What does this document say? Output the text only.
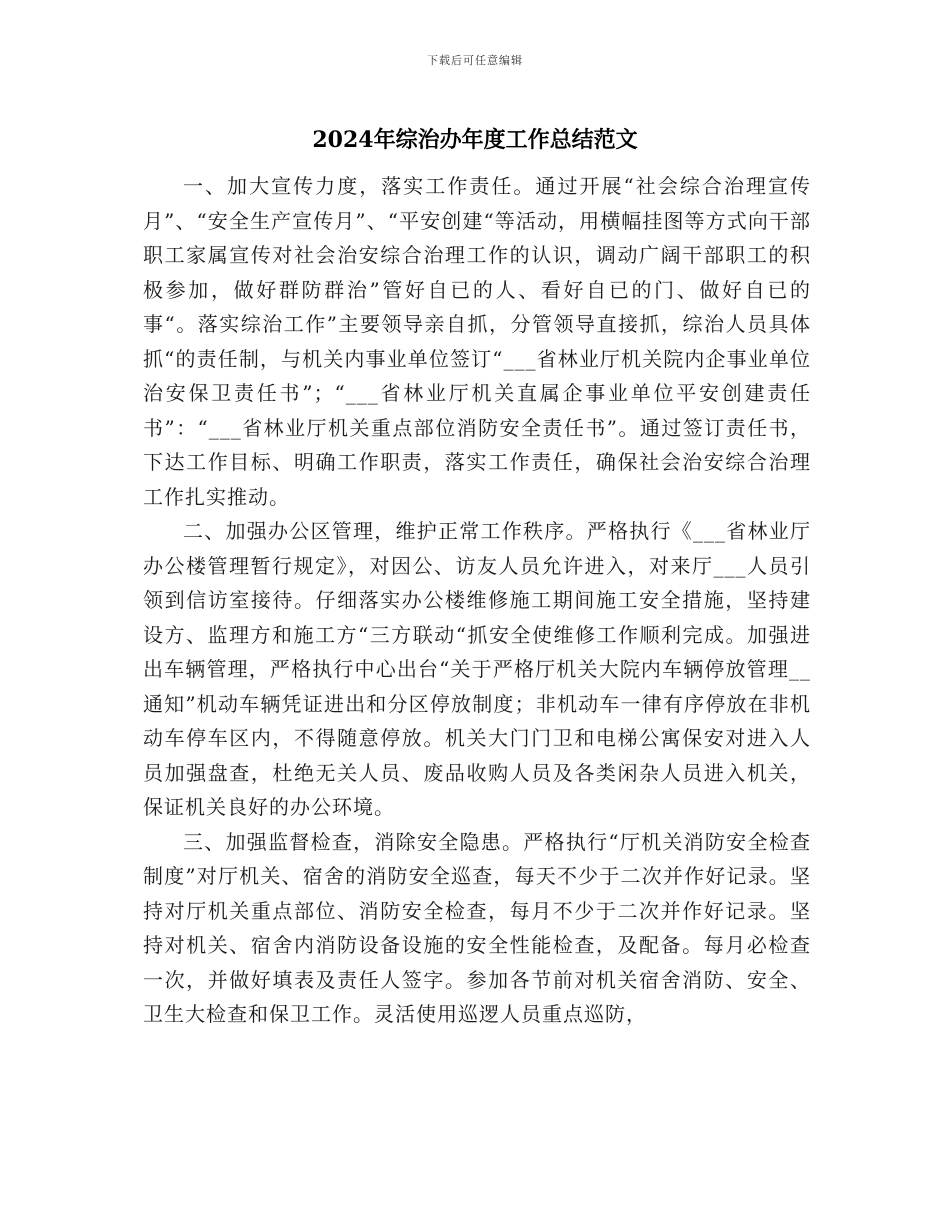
下载后可任意编辑
2024年综治办年度工作总结范文

一、加大宣传力度，落实工作责任。通过开展“社会综合治理宣传月”、“安全生产宣传月”、“平安创建“等活动，用横幅挂图等方式向干部职工家属宣传对社会治安综合治理工作的认识，调动广阔干部职工的积极参加，做好群防群治”管好自已的人、看好自已的门、做好自已的事“。落实综治工作”主要领导亲自抓，分管领导直接抓，综治人员具体抓“的责任制，与机关内事业单位签订“___省林业厅机关院内企事业单位治安保卫责任书”；“___省林业厅机关直属企事业单位平安创建责任书”：“___省林业厅机关重点部位消防安全责任书”。通过签订责任书，下达工作目标、明确工作职责，落实工作责任，确保社会治安综合治理工作扎实推动。

二、加强办公区管理，维护正常工作秩序。严格执行《___省林业厅办公楼管理暂行规定》，对因公、访友人员允许进入，对来厅___人员引领到信访室接待。仔细落实办公楼维修施工期间施工安全措施，坚持建设方、监理方和施工方“三方联动“抓安全使维修工作顺利完成。加强进出车辆管理，严格执行中心出台“关于严格厅机关大院内车辆停放管理__通知”机动车辆凭证进出和分区停放制度；非机动车一律有序停放在非机动车停车区内，不得随意停放。机关大门门卫和电梯公寓保安对进入人员加强盘查，杜绝无关人员、废品收购人员及各类闲杂人员进入机关，保证机关良好的办公环境。

三、加强监督检查，消除安全隐患。严格执行“厅机关消防安全检查制度”对厅机关、宿舍的消防安全巡查，每天不少于二次并作好记录。坚持对厅机关重点部位、消防安全检查，每月不少于二次并作好记录。坚持对机关、宿舍内消防设备设施的安全性能检查，及配备。每月必检查一次，并做好填表及责任人签字。参加各节前对机关宿舍消防、安全、卫生大检查和保卫工作。灵活使用巡逻人员重点巡防，
